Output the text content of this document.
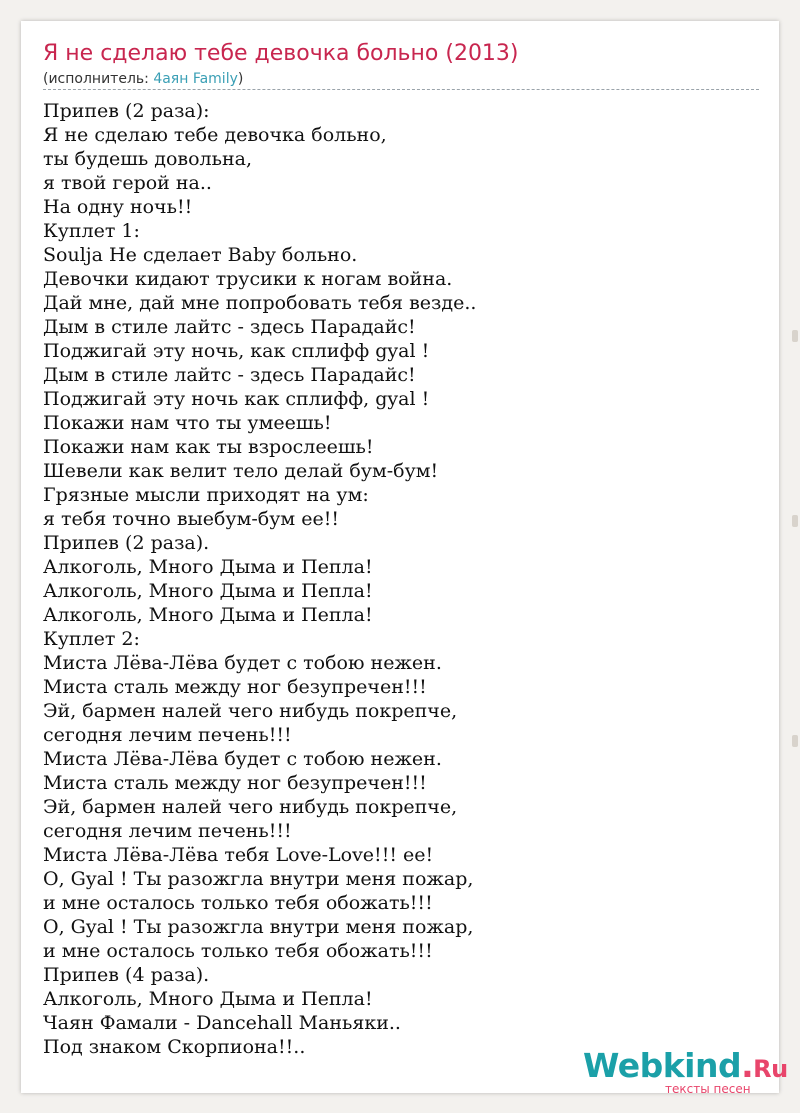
Я не сделаю тебе девочка больно (2013)
(исполнитель: 4аян Family)
Припев (2 раза):
Я не сделаю тебе девочка больно,
ты будешь довольна,
я твой герой на..
На одну ночь!!
Куплет 1:
Soulja Не сделает Baby больно.
Девочки кидают трусики к ногам война.
Дай мне, дай мне попробовать тебя везде..
Дым в стиле лайтс - здесь Парадайс!
Поджигай эту ночь, как сплифф gyal !
Дым в стиле лайтс - здесь Парадайс!
Поджигай эту ночь как сплифф, gyal !
Покажи нам что ты умеешь!
Покажи нам как ты взрослеешь!
Шевели как велит тело делай бум-бум!
Грязные мысли приходят на ум:
я тебя точно выебум-бум ее!!
Припев (2 раза).
Алкоголь, Много Дыма и Пепла!
Алкоголь, Много Дыма и Пепла!
Алкоголь, Много Дыма и Пепла!
Куплет 2:
Миста Лёва-Лёва будет с тобою нежен.
Миста сталь между ног безупречен!!!
Эй, бармен налей чего нибудь покрепче,
сегодня лечим печень!!!
Миста Лёва-Лёва будет с тобою нежен.
Миста сталь между ног безупречен!!!
Эй, бармен налей чего нибудь покрепче,
сегодня лечим печень!!!
Миста Лёва-Лёва тебя Love-Love!!! ее!
О, Gyal ! Ты разожгла внутри меня пожар,
и мне осталось только тебя обожать!!!
О, Gyal ! Ты разожгла внутри меня пожар,
и мне осталось только тебя обожать!!!
Припев (4 раза).
Алкоголь, Много Дыма и Пепла!
Чаян Фамали - Dancehall Маньяки..
Под знаком Скорпиона!!..	Webkind.Ru
тексты песен
